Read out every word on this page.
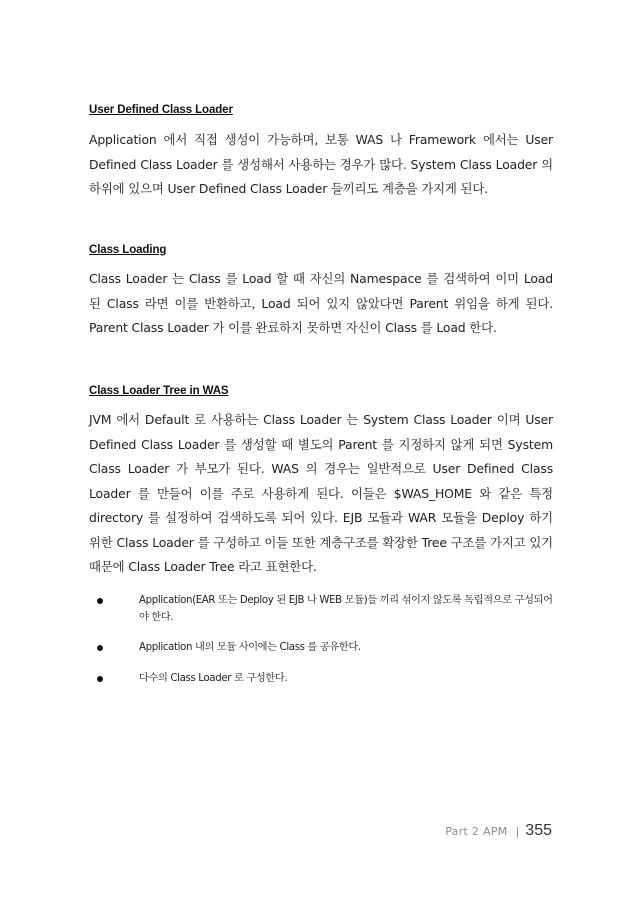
User Defined Class Loader

Application 에서 직접 생성이 가능하며, 보통 WAS 나 Framework 에서는 User Defined Class Loader 를 생성해서 사용하는 경우가 많다. System Class Loader 의 하위에 있으며 User Defined Class Loader 들끼리도 계층을 가지게 된다.

Class Loading

Class Loader 는 Class 를 Load 할 때 자신의 Namespace 를 검색하여 이미 Load 된 Class 라면 이를 반환하고, Load 되어 있지 않았다면 Parent 위임을 하게 된다. Parent Class Loader 가 이를 완료하지 못하면 자신이 Class 를 Load 한다.

Class Loader Tree in WAS

JVM 에서 Default 로 사용하는 Class Loader 는 System Class Loader 이며 User Defined Class Loader 를 생성할 때 별도의 Parent 를 지정하지 않게 되면 System Class Loader 가 부모가 된다. WAS 의 경우는 일반적으로 User Defined Class Loader 를 만들어 이를 주로 사용하게 된다. 이들은 $WAS_HOME 와 같은 특정 directory 를 설정하여 검색하도록 되어 있다. EJB 모듈과 WAR 모듈을 Deploy 하기 위한 Class Loader 를 구성하고 이들 또한 계층구조를 확장한 Tree 구조를 가지고 있기 때문에 Class Loader Tree 라고 표현한다.

Application(EAR 또는 Deploy 된 EJB 나 WEB 모듈)들 끼리 섞이지 않도록 독립적으로 구성되어야 한다.
Application 내의 모듈 사이에는 Class 를 공유한다.
다수의 Class Loader 로 구성한다.
Part 2 APM | 355
